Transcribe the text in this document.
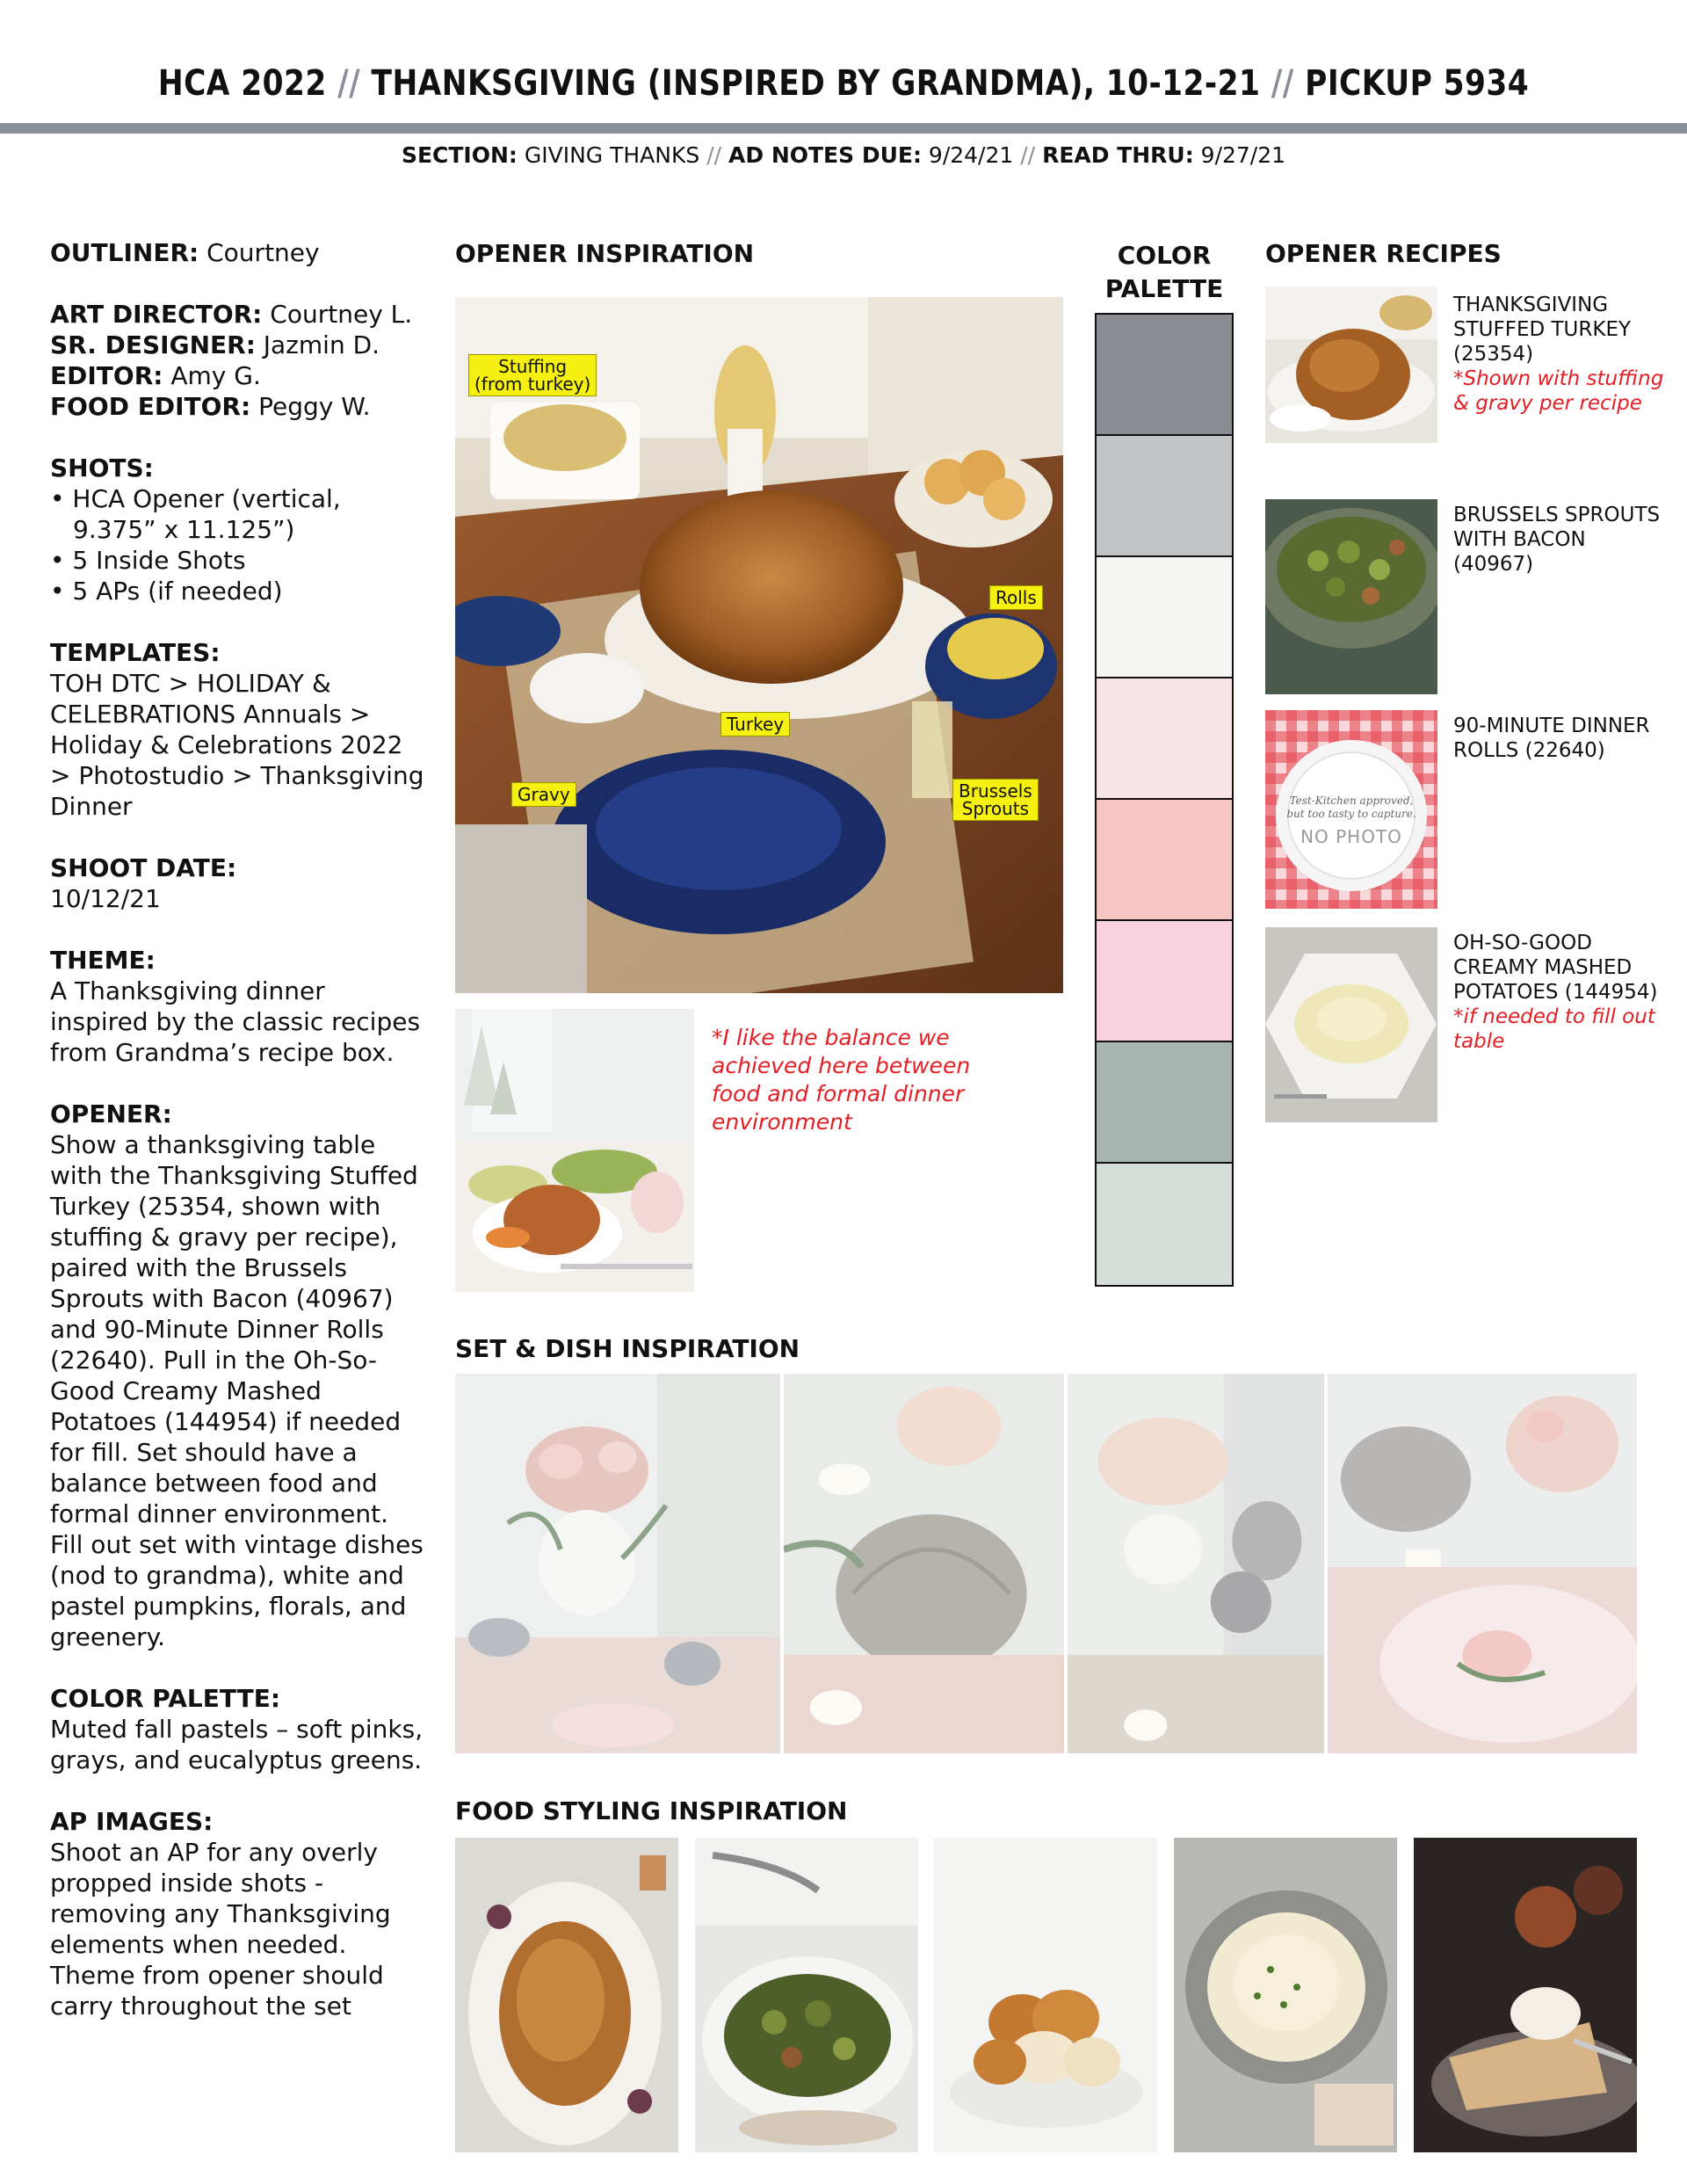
HCA 2022 // THANKSGIVING (INSPIRED BY GRANDMA), 10-12-21 // PICKUP 5934
SECTION: GIVING THANKS // AD NOTES DUE: 9/24/21 // READ THRU: 9/27/21
OUTLINER: Courtney
ART DIRECTOR: Courtney L.
SR. DESIGNER: Jazmin D.
EDITOR: Amy G.
FOOD EDITOR: Peggy W.
SHOTS:
• HCA Opener (vertical, 9.375” x 11.125”)
• 5 Inside Shots
• 5 APs (if needed)
TEMPLATES:
TOH DTC > HOLIDAY & CELEBRATIONS Annuals > Holiday & Celebrations 2022 > Photostudio > Thanksgiving Dinner
SHOOT DATE:
10/12/21
THEME:
A Thanksgiving dinner inspired by the classic recipes from Grandma’s recipe box.
OPENER:
Show a thanksgiving table with the Thanksgiving Stuffed Turkey (25354, shown with stuffing & gravy per recipe), paired with the Brussels Sprouts with Bacon (40967) and 90-Minute Dinner Rolls (22640). Pull in the Oh-So-Good Creamy Mashed Potatoes (144954) if needed for fill. Set should have a balance between food and formal dinner environment. Fill out set with vintage dishes (nod to grandma), white and pastel pumpkins, florals, and greenery.
COLOR PALETTE:
Muted fall pastels – soft pinks, grays, and eucalyptus greens.
AP IMAGES:
Shoot an AP for any overly propped inside shots - removing any Thanksgiving elements when needed. Theme from opener should carry throughout the set
OPENER INSPIRATION
Stuffing
(from turkey)
Rolls
Turkey
Gravy	Brussels
Sprouts
*I like the balance we achieved here between food and formal dinner environment
COLOR
PALETTE
OPENER RECIPES
THANKSGIVING STUFFED TURKEY (25354)
*Shown with stuffing & gravy per recipe
BRUSSELS SPROUTS WITH BACON (40967)
Test-Kitchen approved, but too tasty to capture.
NO PHOTO
90-MINUTE DINNER ROLLS (22640)
OH-SO-GOOD CREAMY MASHED POTATOES (144954)
*if needed to fill out table
SET & DISH INSPIRATION
FOOD STYLING INSPIRATION
